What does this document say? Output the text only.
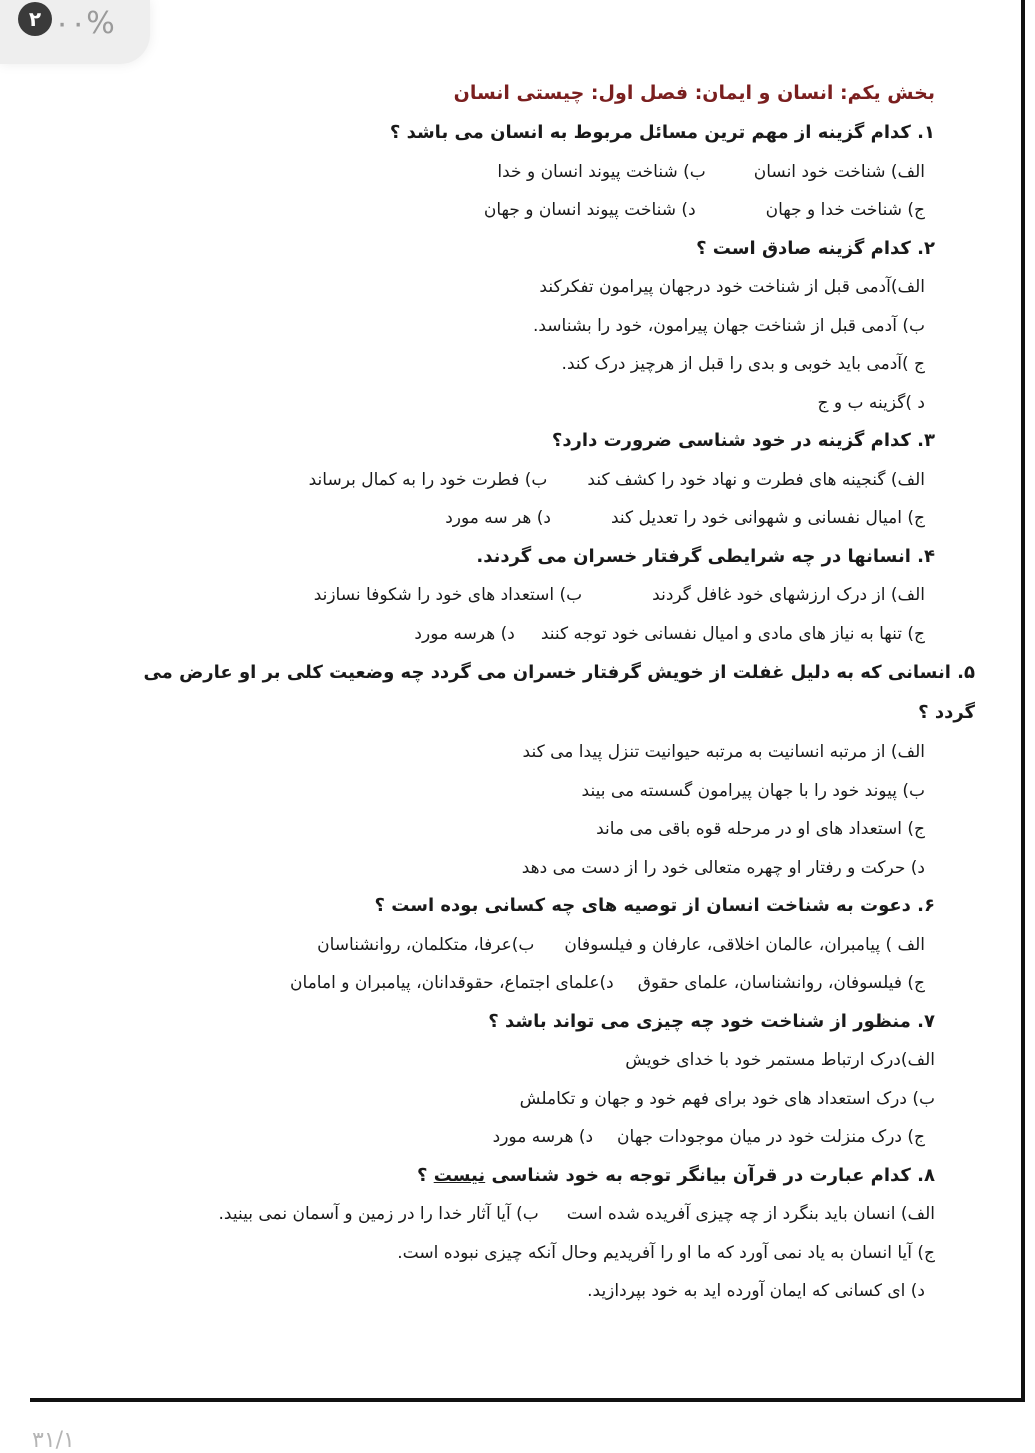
۲ ۰۰%
بخش یکم: انسان و ایمان: فصل اول: چیستی انسان
۱. کدام گزینه از مهم ترین مسائل مربوط به انسان می باشد ؟
الف) شناخت خود انسانب) شناخت پیوند انسان و خدا
ج) شناخت خدا و جهاند) شناخت پیوند انسان و جهان
۲. کدام گزینه صادق است ؟
الف)آدمی قبل از شناخت خود درجهان پیرامون تفکرکند
ب) آدمی قبل از شناخت جهان پیرامون، خود را بشناسد.
ج )آدمی باید خوبی و بدی را قبل از هرچیز درک کند.
د )گزینه ب و ج
۳. کدام گزینه در خود شناسی ضرورت دارد؟
الف) گنجینه های فطرت و نهاد خود را کشف کندب) فطرت خود را به کمال برساند
ج) امیال نفسانی و شهوانی خود را تعدیل کندد) هر سه مورد
۴. انسانها در چه شرایطی گرفتار خسران می گردند.
الف) از درک ارزشهای خود غافل گردندب) استعداد های خود را شکوفا نسازند
ج) تنها به نیاز های مادی و امیال نفسانی خود توجه کنندد) هرسه مورد
۵. انسانی که به دلیل غفلت از خویش گرفتار خسران می گردد چه وضعیت کلی بر او عارض می گردد ؟
الف) از مرتبه انسانیت به مرتبه حیوانیت تنزل پیدا می کند
ب) پیوند خود را با جهان پیرامون گسسته می بیند
ج) استعداد های او در مرحله قوه باقی می ماند
د) حرکت و رفتار او چهره متعالی خود را از دست می دهد
۶. دعوت به شناخت انسان از توصیه های چه کسانی بوده است ؟
الف ) پیامبران، عالمان اخلاقی، عارفان و فیلسوفانب)عرفا، متکلمان، روانشناسان
ج) فیلسوفان، روانشناسان، علمای حقوقد)علمای اجتماع، حقوقدانان، پیامبران و امامان
۷. منظور از شناخت خود چه چیزی می تواند باشد ؟
الف)درک ارتباط مستمر خود با خدای خویش
ب) درک استعداد های خود برای فهم خود و جهان و تکاملش
ج) درک منزلت خود در میان موجودات جهاند) هرسه مورد
۸. کدام عبارت در قرآن بیانگر توجه به خود شناسی نیست ؟
الف) انسان باید بنگرد از چه چیزی آفریده شده استب) آیا آثار خدا را در زمین و آسمان نمی بینید.
ج) آیا انسان به یاد نمی آورد که ما او را آفریدیم وحال آنکه چیزی نبوده است.
د) ای کسانی که ایمان آورده اید به خود بپردازید.
۳۱/۱
